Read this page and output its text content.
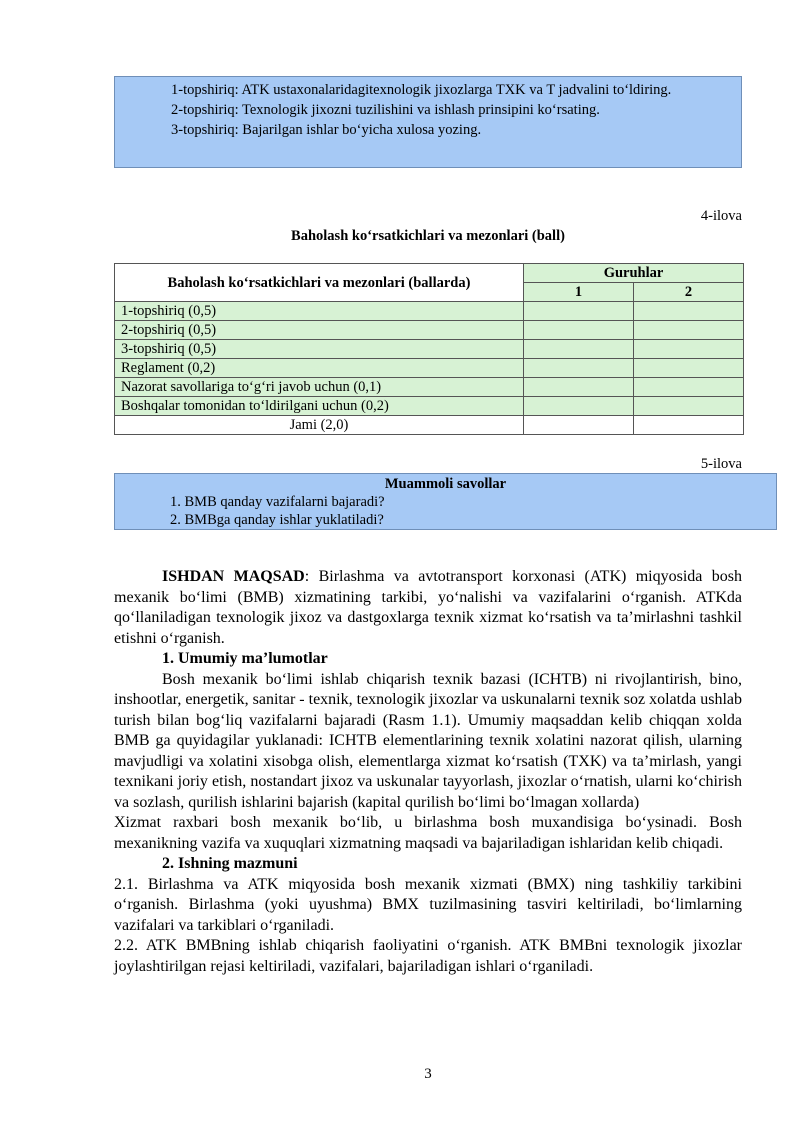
1-topshiriq: ATK ustaxonalaridagitexnologik jixozlarga TXK va T jadvalini to‘ldiring.
2-topshiriq: Texnologik jixozni tuzilishini va ishlash prinsipini ko‘rsating.
3-topshiriq: Bajarilgan ishlar bo‘yicha xulosa yozing.
4-ilova
Baholash ko‘rsatkichlari va mezonlari (ball)
Baholash ko‘rsatkichlari va mezonlari (ballarda)	Guruhlar	
	1	2
1-topshiriq (0,5)		
2-topshiriq (0,5)		
3-topshiriq (0,5)		
Reglament (0,2)		
Nazorat savollariga to‘g‘ri javob uchun (0,1)		
Boshqalar tomonidan to‘ldirilgani uchun (0,2)		
Jami (2,0)		
5-ilova
Muammoli savollar
1. BMB qanday vazifalarni bajaradi?
2. BMBga qanday ishlar yuklatiladi?

ISHDAN MAQSAD: Birlashma va avtotransport korxonasi (ATK) miqyosida bosh mexanik bo‘limi (BMB) xizmatining tarkibi, yo‘nalishi va vazifalarini o‘rganish. ATKda qo‘llaniladigan texnologik jixoz va dastgoxlarga texnik xizmat ko‘rsatish va ta’mirlashni tashkil etishni o‘rganish.

1. Umumiy ma’lumotlar

Bosh mexanik bo‘limi ishlab chiqarish texnik bazasi (ICHTB) ni rivojlantirish, bino, inshootlar, energetik, sanitar - texnik, texnologik jixozlar va uskunalarni texnik soz xolatda ushlab turish bilan bog‘liq vazifalarni bajaradi (Rasm 1.1). Umumiy maqsaddan kelib chiqqan xolda BMB ga quyidagilar yuklanadi: ICHTB elementlarining texnik xolatini nazorat qilish, ularning mavjudligi va xolatini xisobga olish, elementlarga xizmat ko‘rsatish (TXK) va ta’mirlash, yangi texnikani joriy etish, nostandart jixoz va uskunalar tayyorlash, jixozlar o‘rnatish, ularni ko‘chirish va sozlash, qurilish ishlarini bajarish (kapital qurilish bo‘limi bo‘lmagan xollarda)

Xizmat raxbari bosh mexanik bo‘lib, u birlashma bosh muxandisiga bo‘ysinadi. Bosh mexanikning vazifa va xuquqlari xizmatning maqsadi va bajariladigan ishlaridan kelib chiqadi.

2. Ishning mazmuni

2.1. Birlashma va ATK miqyosida bosh mexanik xizmati (BMX) ning tashkiliy tarkibini o‘rganish. Birlashma (yoki uyushma) BMX tuzilmasining tasviri keltiriladi, bo‘limlarning vazifalari va tarkiblari o‘rganiladi.

2.2. ATK BMBning ishlab chiqarish faoliyatini o‘rganish. ATK BMBni texnologik jixozlar joylashtirilgan rejasi keltiriladi, vazifalari, bajariladigan ishlari o‘rganiladi.

3
